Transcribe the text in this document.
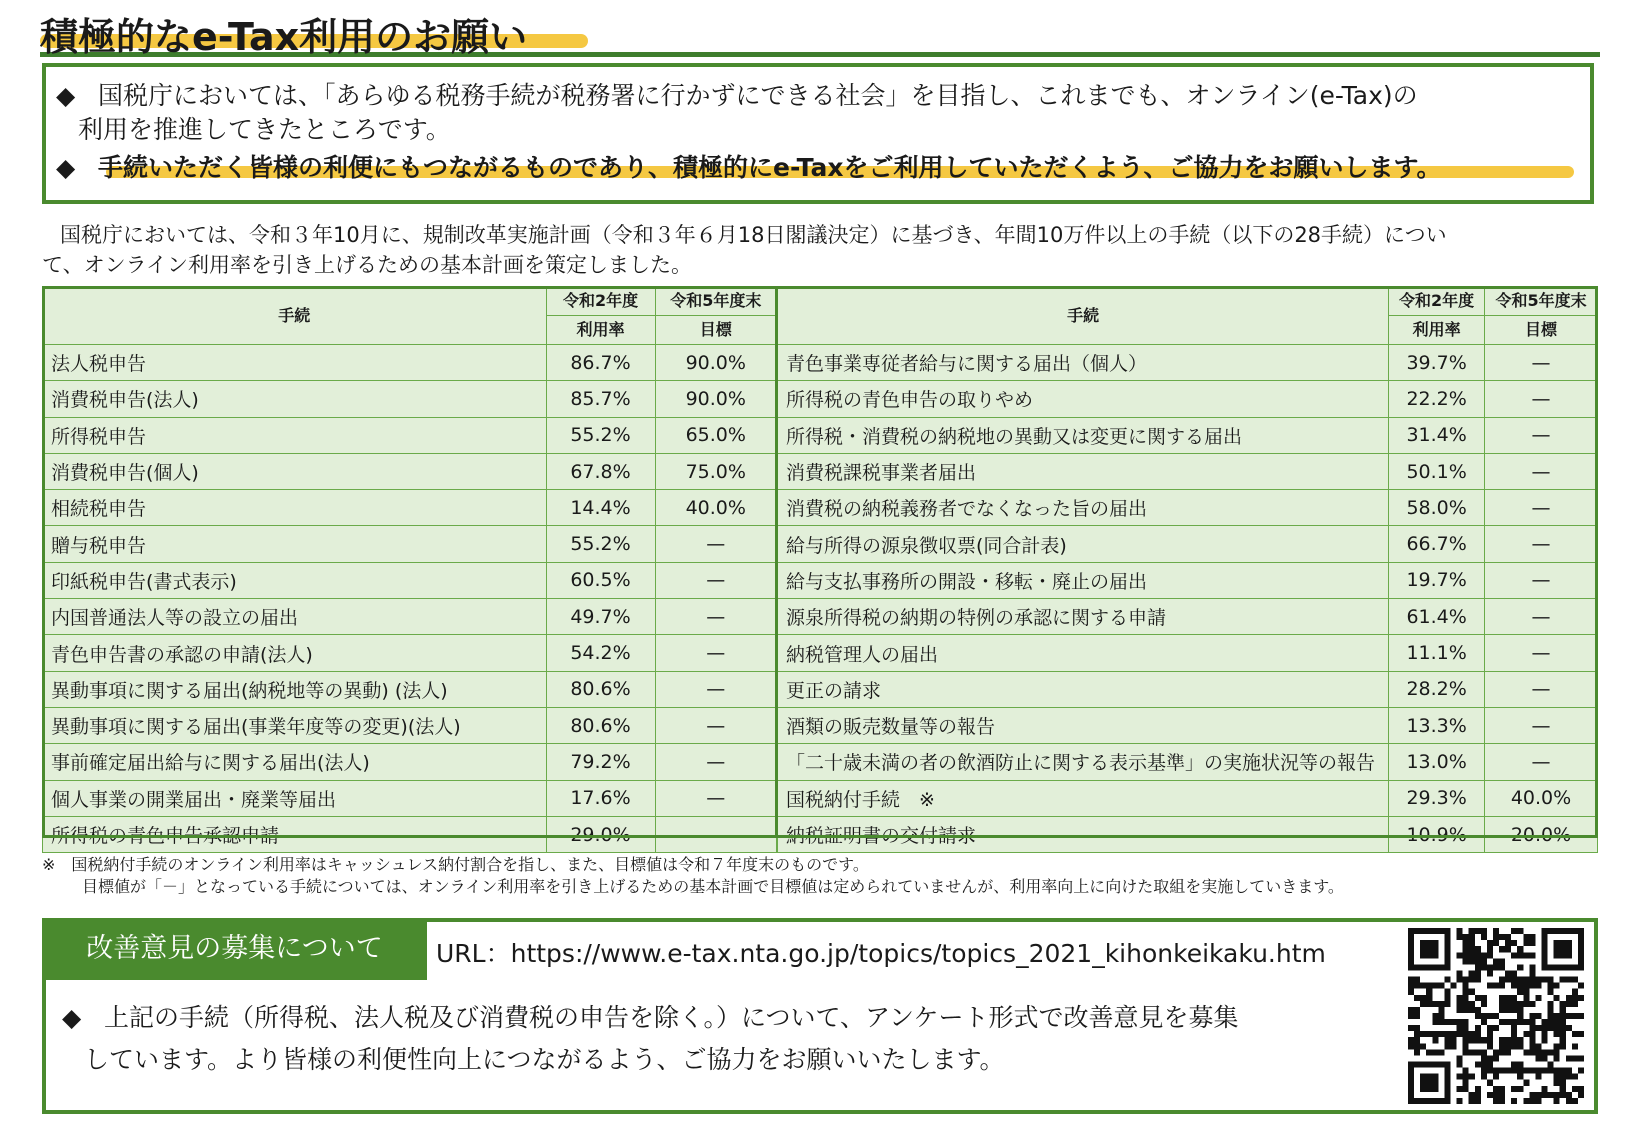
積極的なe-Tax利用のお願い
◆ 国税庁においては、「あらゆる税務手続が税務署に行かずにできる社会」を目指し、これまでも、オンライン(e-Tax)の
利用を推進してきたところです。
◆ 手続いただく皆様の利便にもつながるものであり、積極的にe-Taxをご利用していただくよう、ご協力をお願いします。
国税庁においては、令和３年10月に、規制改革実施計画（令和３年６月18日閣議決定）に基づき、年間10万件以上の手続（以下の28手続）につい
て、オンライン利用率を引き上げるための基本計画を策定しました。
手続	令和2年度	令和5年度末
	利用率	目標
法人税申告	86.7%	90.0%
消費税申告(法人)	85.7%	90.0%
所得税申告	55.2%	65.0%
消費税申告(個人)	67.8%	75.0%
相続税申告	14.4%	40.0%
贈与税申告	55.2%	—
印紙税申告(書式表示)	60.5%	—
内国普通法人等の設立の届出	49.7%	—
青色申告書の承認の申請(法人)	54.2%	—
異動事項に関する届出(納税地等の異動) (法人)	80.6%	—
異動事項に関する届出(事業年度等の変更)(法人)	80.6%	—
事前確定届出給与に関する届出(法人)	79.2%	—
個人事業の開業届出・廃業等届出	17.6%	—
所得税の青色申告承認申請	29.0%	—
手続	令和2年度	令和5年度末
	利用率	目標
青色事業専従者給与に関する届出（個人）	39.7%	—
所得税の青色申告の取りやめ	22.2%	—
所得税・消費税の納税地の異動又は変更に関する届出	31.4%	—
消費税課税事業者届出	50.1%	—
消費税の納税義務者でなくなった旨の届出	58.0%	—
給与所得の源泉徴収票(同合計表)	66.7%	—
給与支払事務所の開設・移転・廃止の届出	19.7%	—
源泉所得税の納期の特例の承認に関する申請	61.4%	—
納税管理人の届出	11.1%	—
更正の請求	28.2%	—
酒類の販売数量等の報告	13.3%	—
「二十歳未満の者の飲酒防止に関する表示基準」の実施状況等の報告	13.0%	—
国税納付手続　※	29.3%	40.0%
納税証明書の交付請求	10.9%	20.0%
※　国税納付手続のオンライン利用率はキャッシュレス納付割合を指し、また、目標値は令和７年度末のものです。
目標値が「－」となっている手続については、オンライン利用率を引き上げるための基本計画で目標値は定められていませんが、利用率向上に向けた取組を実施していきます。
改善意見の募集について	URL：https://www.e-tax.nta.go.jp/topics/topics_2021_kihonkeikaku.htm
◆ 上記の手続（所得税、法人税及び消費税の申告を除く。）について、アンケート形式で改善意見を募集
しています。より皆様の利便性向上につながるよう、ご協力をお願いいたします。
